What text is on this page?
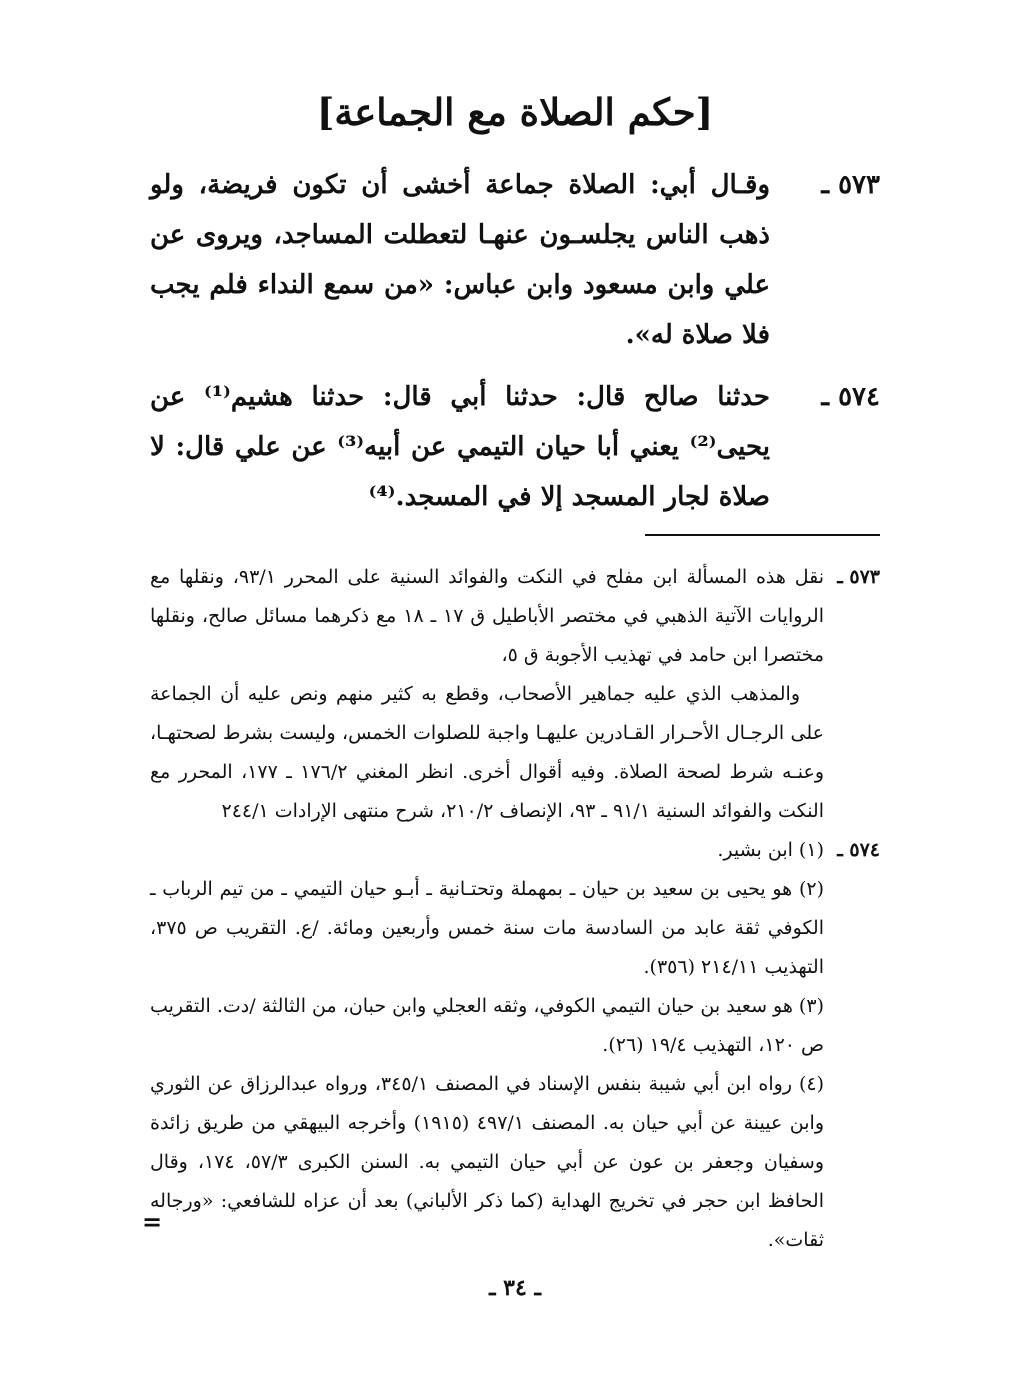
[حكم الصلاة مع الجماعة]
٥٧٣ ـ

وقـال أبي: الصلاة جماعة أخشى أن تكون فريضة، ولو ذهب الناس يجلسـون عنهـا لتعطلت المساجد، ويروى عن علي وابن مسعود وابن عباس: «من سمع النداء فلم يجب فلا صلاة له».

٥٧٤ ـ

حدثنا صالح قال: حدثنا أبي قال: حدثنا هشيم⁽¹⁾ عن يحيى⁽²⁾ يعني أبا حيان التيمي عن أبيه⁽³⁾ عن علي قال: لا صلاة لجار المسجد إلا في المسجد.⁽⁴⁾

٥٧٣ ـ

نقل هذه المسألة ابن مفلح في النكت والفوائد السنية على المحرر ٩٣/١، ونقلها مع الروايات الآتية الذهبي في مختصر الأباطيل ق ١٧ ـ ١٨ مع ذكرهما مسائل صالح، ونقلها مختصرا ابن حامد في تهذيب الأجوبة ق ٥،

والمذهب الذي عليه جماهير الأصحاب، وقطع به كثير منهم ونص عليه أن الجماعة على الرجـال الأحـرار القـادرين عليهـا واجبة للصلوات الخمس، وليست بشرط لصحتهـا، وعنـه شرط لصحة الصلاة. وفيه أقوال أخرى. انظر المغني ١٧٦/٢ ـ ١٧٧، المحرر مع النكت والفوائد السنية ٩١/١ ـ ٩٣، الإنصاف ٢١٠/٢، شرح منتهى الإرادات ٢٤٤/١

٥٧٤ ـ

(١) ابن بشير.

(٢) هو يحيى بن سعيد بن حيان ـ بمهملة وتحتـانية ـ أبـو حيان التيمي ـ من تيم الرباب ـ الكوفي ثقة عابد من السادسة مات سنة خمس وأربعين ومائة. /ع. التقريب ص ٣٧٥، التهذيب ٢١٤/١١ (٣٥٦).

(٣) هو سعيد بن حيان التيمي الكوفي، وثقه العجلي وابن حبان، من الثالثة /دت. التقريب ص ١٢٠، التهذيب ١٩/٤ (٢٦).

(٤) رواه ابن أبي شيبة بنفس الإسناد في المصنف ٣٤٥/١، ورواه عبدالرزاق عن الثوري وابن عيينة عن أبي حيان به. المصنف ٤٩٧/١ (١٩١٥) وأخرجه البيهقي من طريق زائدة وسفيان وجعفر بن عون عن أبي حيان التيمي به. السنن الكبرى ٥٧/٣، ١٧٤، وقال الحافظ ابن حجر في تخريج الهداية (كما ذكر الألباني) بعد أن عزاه للشافعي: «ورجاله ثقات».

=
ـ ٣٤ ـ
